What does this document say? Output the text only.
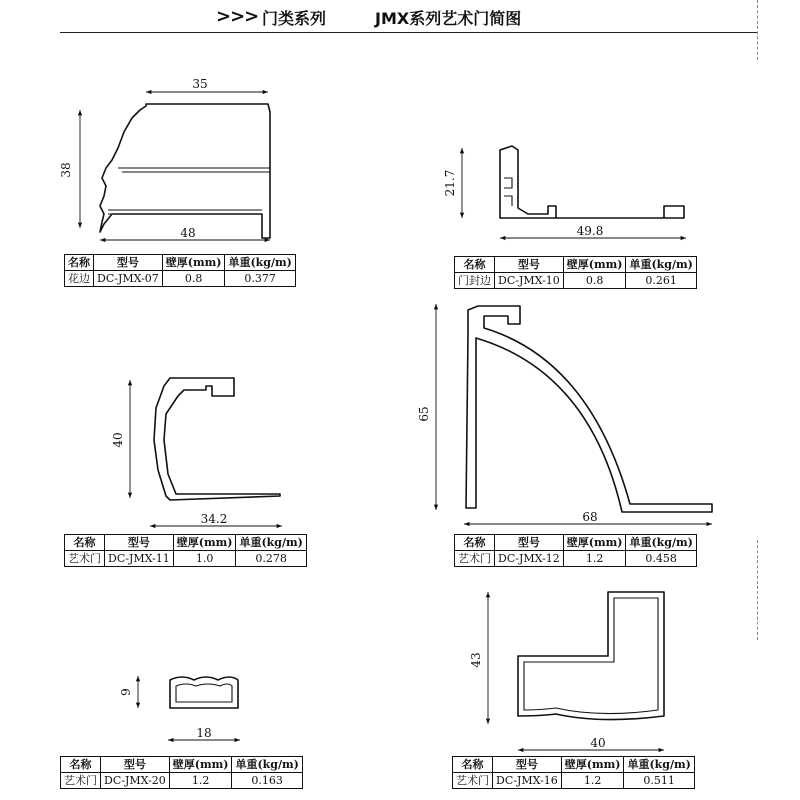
>>> 门类系列	JMX系列艺术门简图
35
38
48
21.7
49.8
40
34.2
65
68
9
18
43
40
名称	型号	壁厚(mm)	单重(kg/m)
花边	DC-JMX-07	0.8	0.377
名称	型号	壁厚(mm)	单重(kg/m)
门封边	DC-JMX-10	0.8	0.261
名称	型号	壁厚(mm)	单重(kg/m)
艺术门	DC-JMX-11	1.0	0.278
名称	型号	壁厚(mm)	单重(kg/m)
艺术门	DC-JMX-12	1.2	0.458
名称	型号	壁厚(mm)	单重(kg/m)
艺术门	DC-JMX-20	1.2	0.163
名称	型号	壁厚(mm)	单重(kg/m)
艺术门	DC-JMX-16	1.2	0.511
